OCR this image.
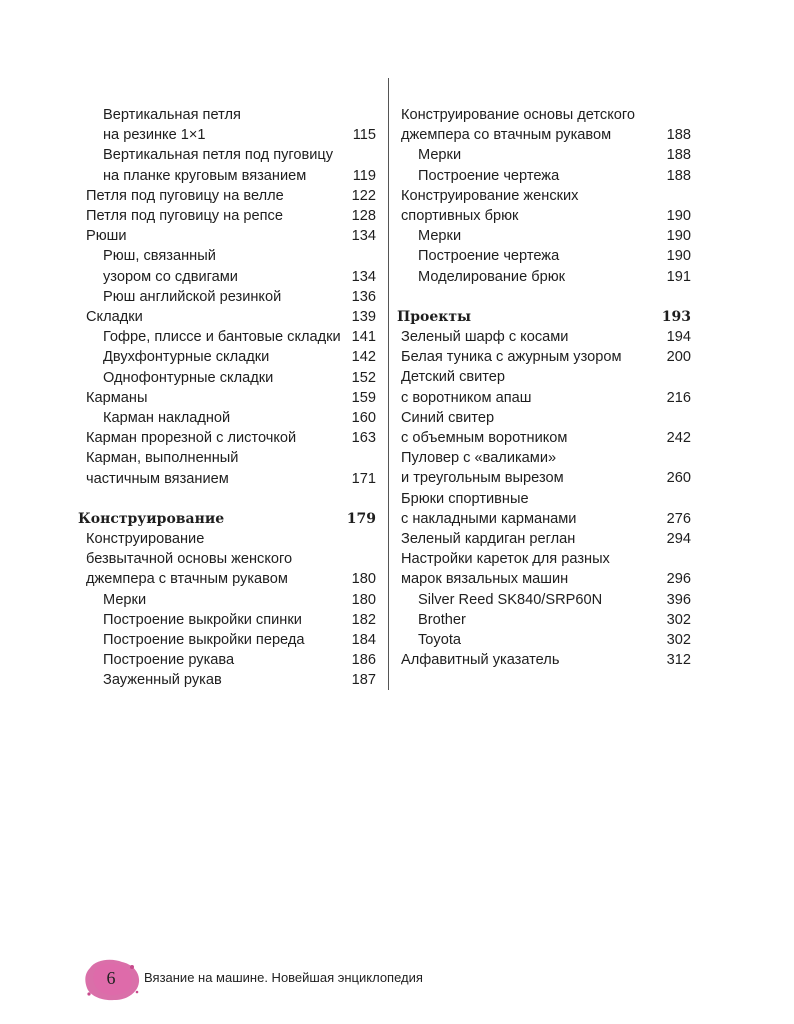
Вертикальная петля
на резинке 1×1	115
Вертикальная петля под пуговицу
на планке круговым вязанием	119
Петля под пуговицу на велле	122
Петля под пуговицу на репсе	128
Рюши	134
Рюш, связанный
узором со сдвигами	134
Рюш английской резинкой	136
Складки	139
Гофре, плиссе и бантовые складки 141
Двухфонтурные складки	142
Однофонтурные складки	152
Карманы	159
Карман накладной	160
Карман прорезной с листочкой	163
Карман, выполненный
частичным вязанием	171
Конструирование	179
Конструирование
безвытачной основы женского
джемпера с втачным рукавом	180
Мерки	180
Построение выкройки спинки	182
Построение выкройки переда	184
Построение рукава	186
Зауженный рукав	187
Конструирование основы детского
джемпера со втачным рукавом	188
Мерки	188
Построение чертежа	188
Конструирование женских
спортивных брюк	190
Мерки	190
Построение чертежа	190
Моделирование брюк	191
Проекты	193
Зеленый шарф с косами	194
Белая туника с ажурным узором	200
Детский свитер
с воротником апаш	216
Синий свитер
с объемным воротником	242
Пуловер с «валиками»
и треугольным вырезом	260
Брюки спортивные
с накладными карманами	276
Зеленый кардиган реглан	294
Настройки кареток для разных
марок вязальных машин	296
Silver Reed SK840/SRP60N	396
Brother	302
Toyota	302
Алфавитный указатель	312
6	Вязание на машине. Новейшая энциклопедия
